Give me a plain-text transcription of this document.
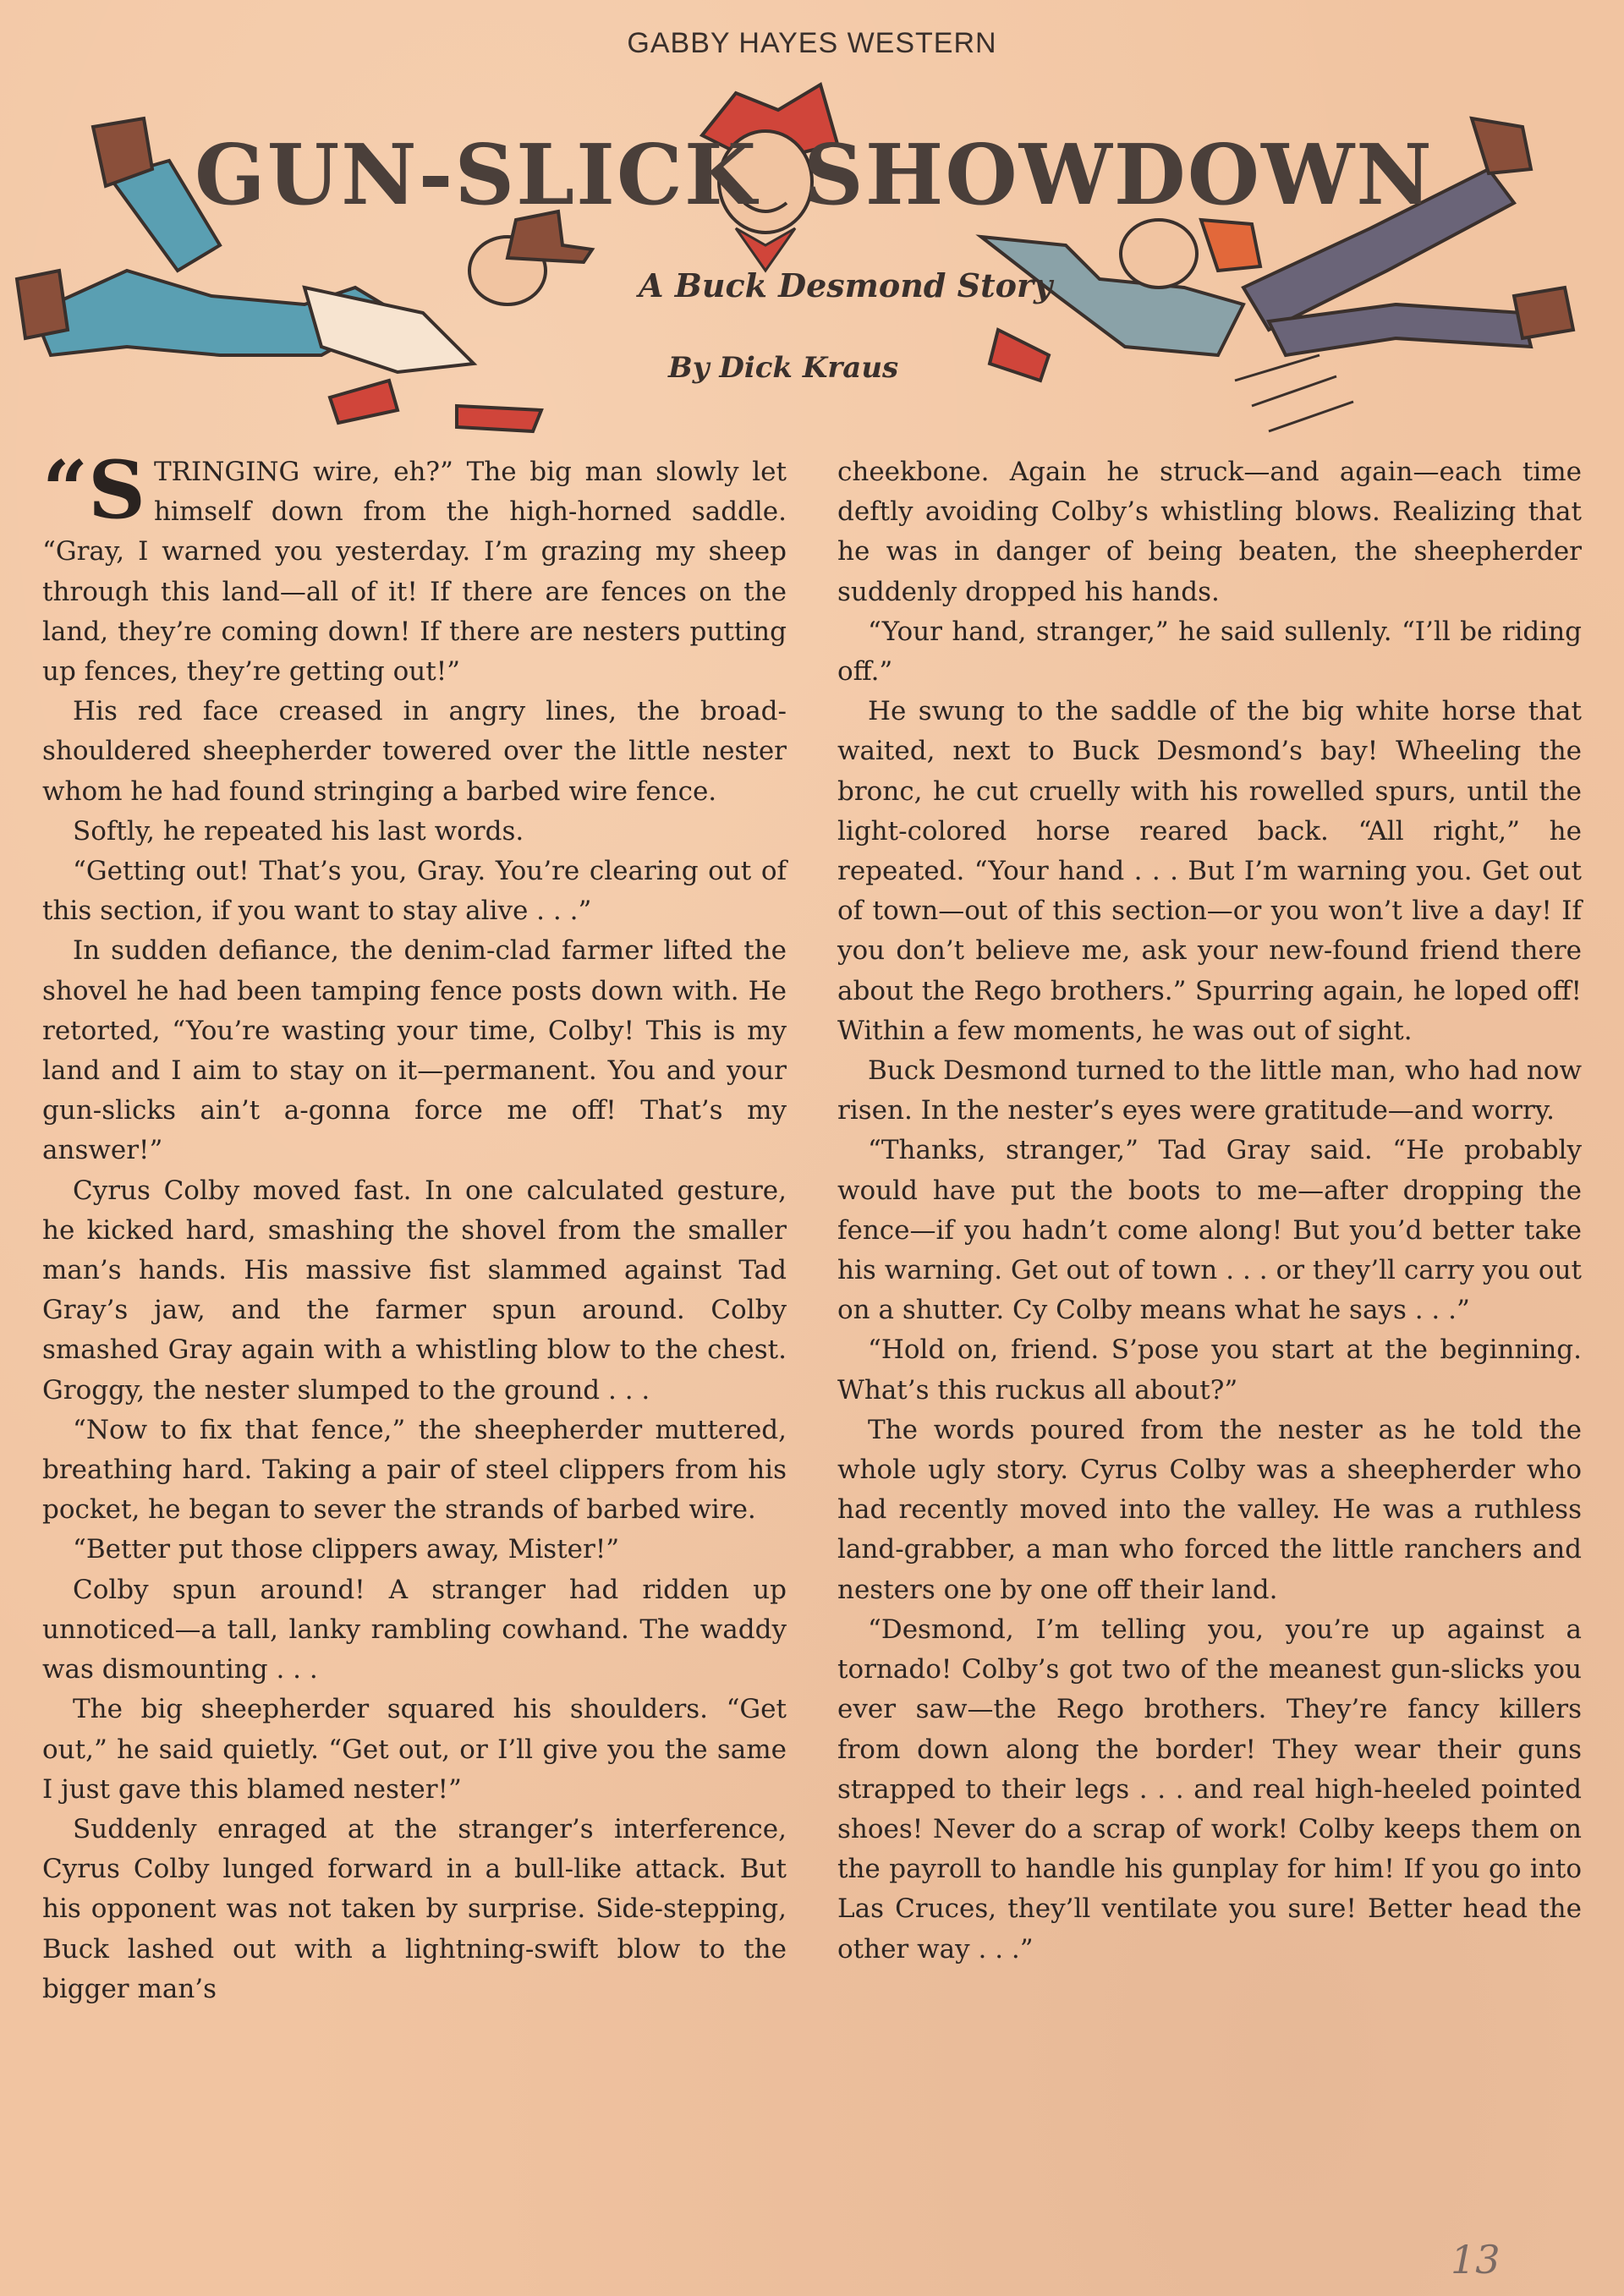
GABBY HAYES WESTERN
GUN-SLICK SHOWDOWN
A Buck Desmond Story
By Dick Kraus

“S TRINGING wire, eh?” The big man slowly let himself down from the high-horned saddle. “Gray, I warned you yesterday. I’m grazing my sheep through this land—all of it! If there are fences on the land, they’re coming down! If there are nesters putting up fences, they’re getting out!”

His red face creased in angry lines, the broad-shouldered sheepherder towered over the little nester whom he had found stringing a barbed wire fence.

Softly, he repeated his last words.

“Getting out! That’s you, Gray. You’re clearing out of this section, if you want to stay alive . . .”

In sudden defiance, the denim-clad farmer lifted the shovel he had been tamping fence posts down with. He retorted, “You’re wasting your time, Colby! This is my land and I aim to stay on it—permanent. You and your gun-slicks ain’t a-gonna force me off! That’s my answer!”

Cyrus Colby moved fast. In one calculated gesture, he kicked hard, smashing the shovel from the smaller man’s hands. His massive fist slammed against Tad Gray’s jaw, and the farmer spun around. Colby smashed Gray again with a whistling blow to the chest. Groggy, the nester slumped to the ground . . .

“Now to fix that fence,” the sheepherder muttered, breathing hard. Taking a pair of steel clippers from his pocket, he began to sever the strands of barbed wire.

“Better put those clippers away, Mister!”

Colby spun around! A stranger had ridden up unnoticed—a tall, lanky rambling cowhand. The waddy was dismounting . . .

The big sheepherder squared his shoulders. “Get out,” he said quietly. “Get out, or I’ll give you the same I just gave this blamed nester!”

Suddenly enraged at the stranger’s interference, Cyrus Colby lunged forward in a bull-like attack. But his opponent was not taken by surprise. Side-stepping, Buck lashed out with a lightning-swift blow to the bigger man’s

cheekbone. Again he struck—and again—each time deftly avoiding Colby’s whistling blows. Realizing that he was in danger of being beaten, the sheepherder suddenly dropped his hands.

“Your hand, stranger,” he said sullenly. “I’ll be riding off.”

He swung to the saddle of the big white horse that waited, next to Buck Desmond’s bay! Wheeling the bronc, he cut cruelly with his rowelled spurs, until the light-colored horse reared back. “All right,” he repeated. “Your hand . . . But I’m warning you. Get out of town—out of this section—or you won’t live a day! If you don’t believe me, ask your new-found friend there about the Rego brothers.” Spurring again, he loped off! Within a few moments, he was out of sight.

Buck Desmond turned to the little man, who had now risen. In the nester’s eyes were gratitude—and worry.

“Thanks, stranger,” Tad Gray said. “He probably would have put the boots to me—after dropping the fence—if you hadn’t come along! But you’d better take his warning. Get out of town . . . or they’ll carry you out on a shutter. Cy Colby means what he says . . .”

“Hold on, friend. S’pose you start at the beginning. What’s this ruckus all about?”

The words poured from the nester as he told the whole ugly story. Cyrus Colby was a sheepherder who had recently moved into the valley. He was a ruthless land-grabber, a man who forced the little ranchers and nesters one by one off their land.

“Desmond, I’m telling you, you’re up against a tornado! Colby’s got two of the meanest gun-slicks you ever saw—the Rego brothers. They’re fancy killers from down along the border! They wear their guns strapped to their legs . . . and real high-heeled pointed shoes! Never do a scrap of work! Colby keeps them on the payroll to handle his gunplay for him! If you go into Las Cruces, they’ll ventilate you sure! Better head the other way . . .”

13
